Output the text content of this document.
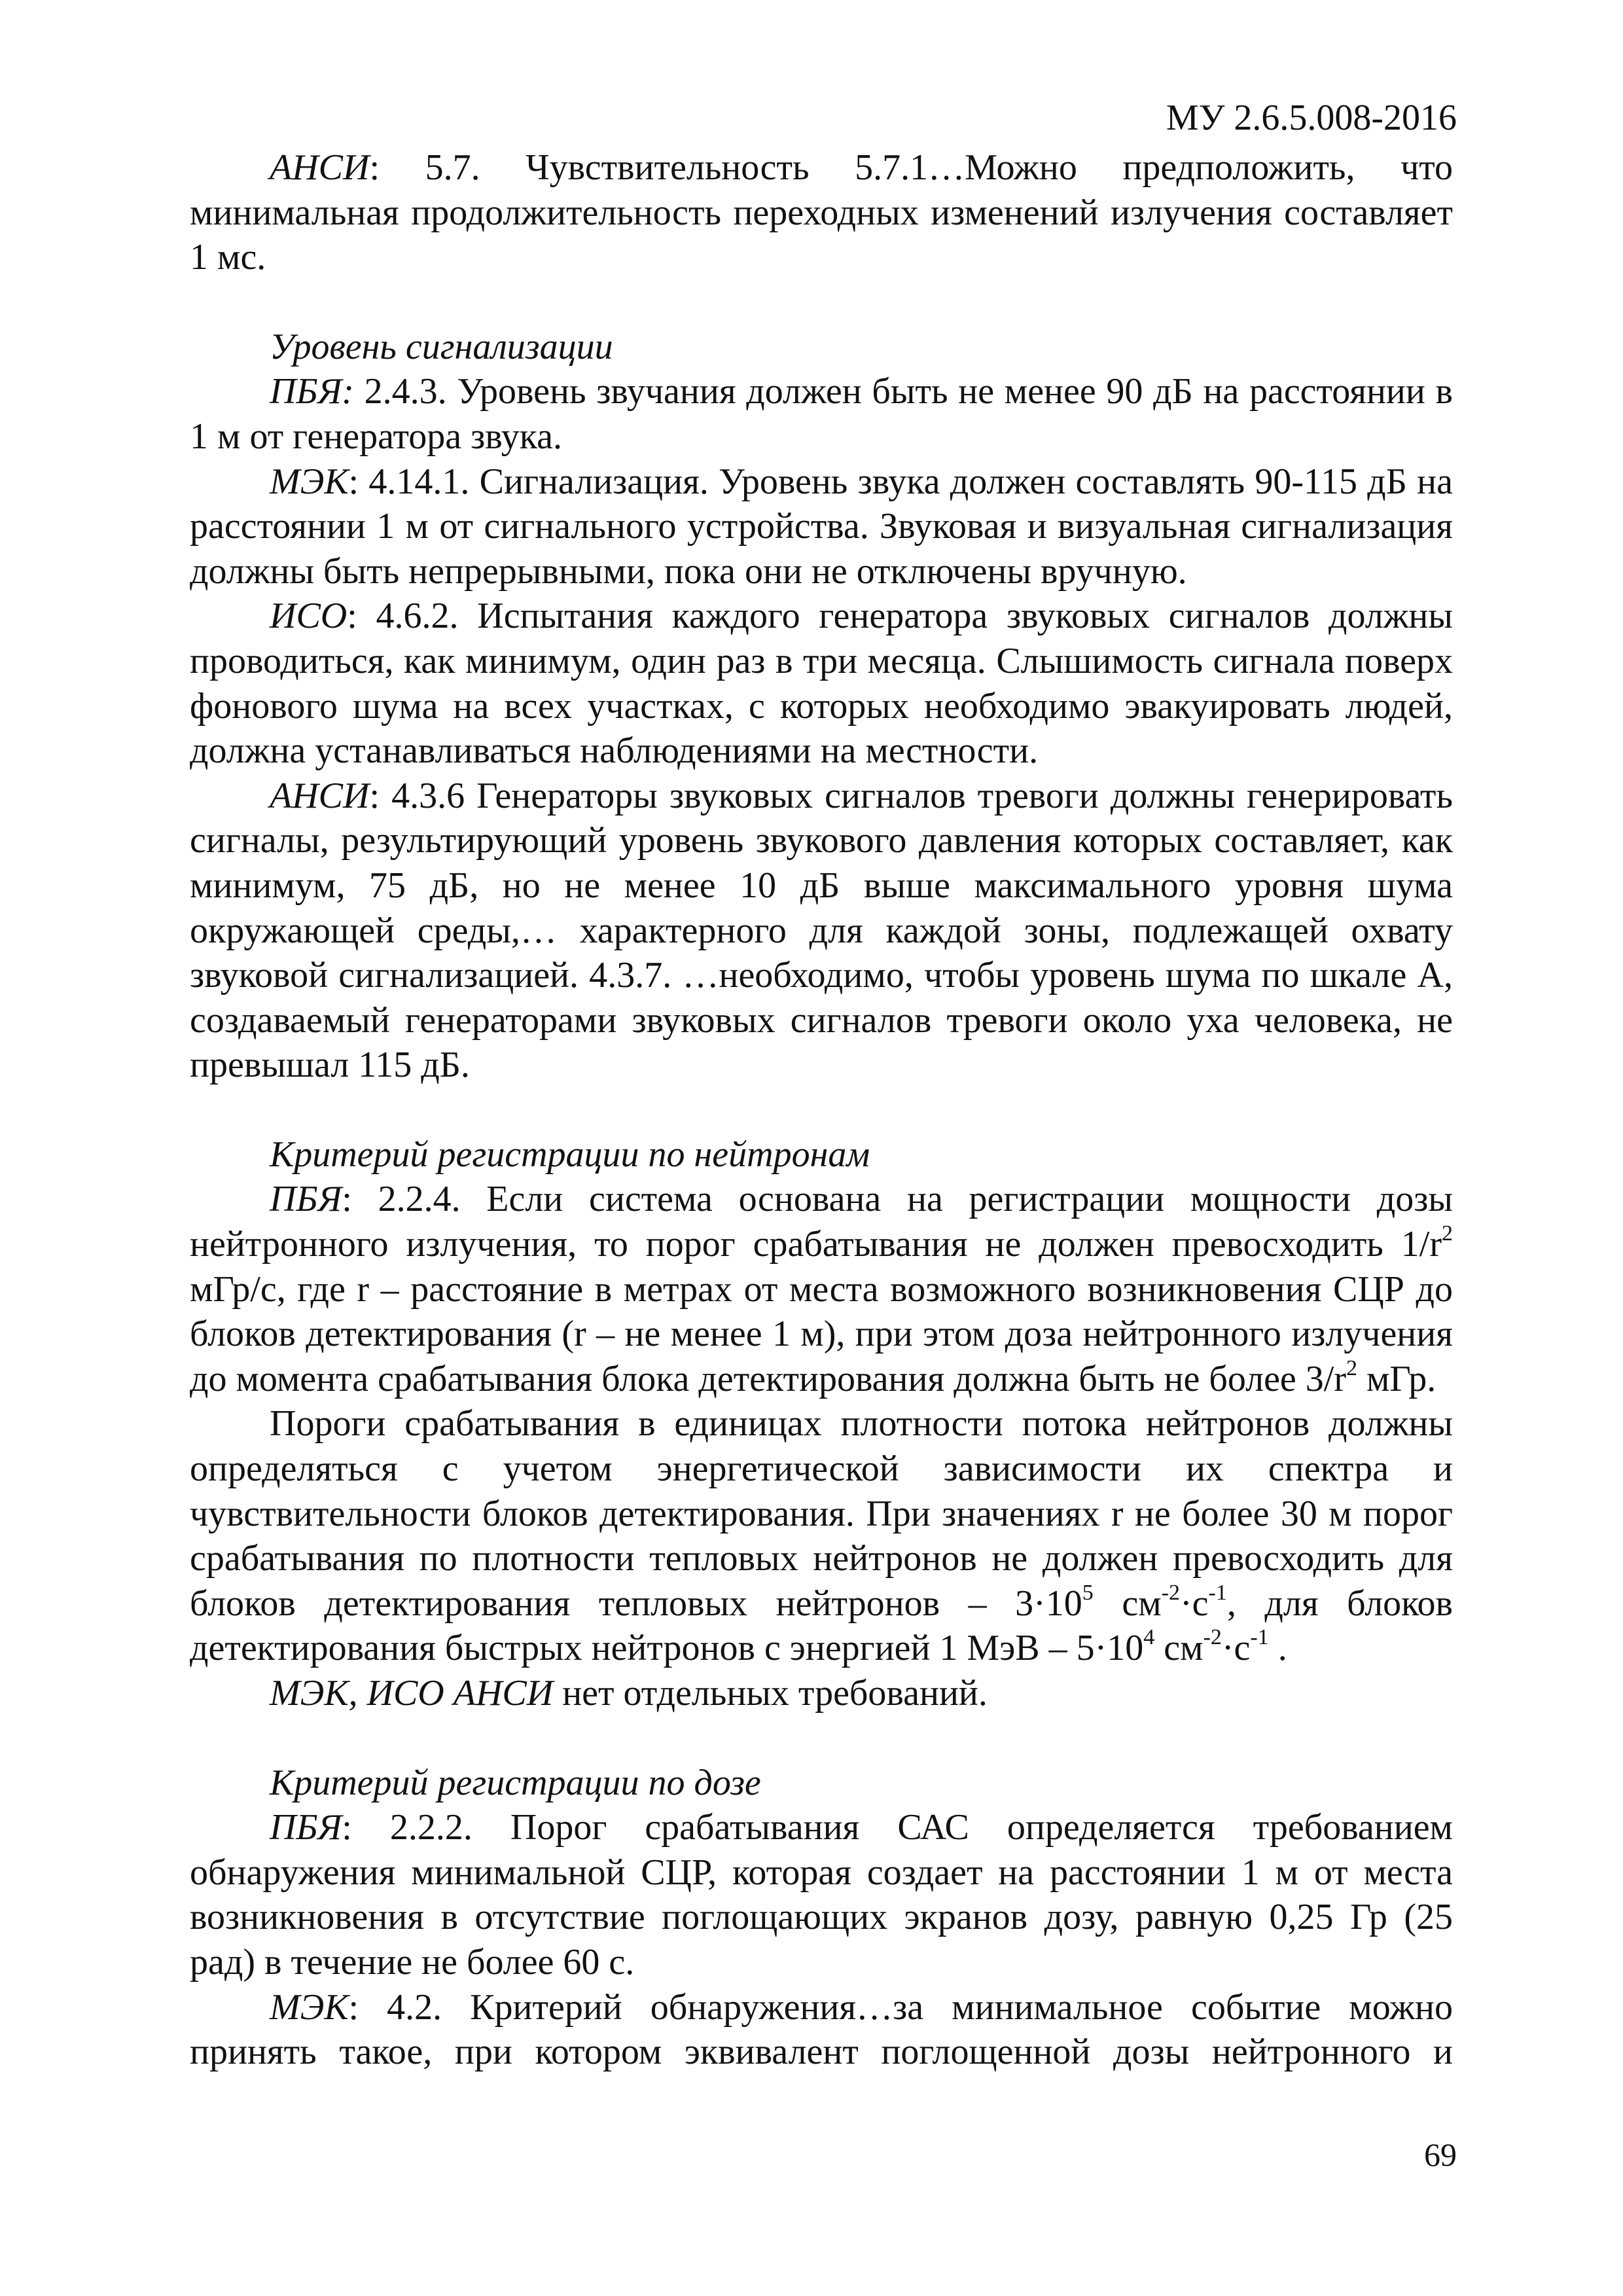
МУ 2.6.5.008-2016

АНСИ: 5.7. Чувствительность 5.7.1…Можно предположить, что минимальная продолжительность переходных изменений излучения составляет 1 мс.

Уровень сигнализации

ПБЯ: 2.4.3. Уровень звучания должен быть не менее 90 дБ на расстоянии в 1 м от генератора звука.

МЭК: 4.14.1. Сигнализация. Уровень звука должен составлять 90-115 дБ на расстоянии 1 м от сигнального устройства. Звуковая и визуальная сигнализация должны быть непрерывными, пока они не отключены вручную.

ИСО: 4.6.2. Испытания каждого генератора звуковых сигналов должны проводиться, как минимум, один раз в три месяца. Слышимость сигнала поверх фонового шума на всех участках, с которых необходимо эвакуировать людей, должна устанавливаться наблюдениями на местности.

АНСИ: 4.3.6 Генераторы звуковых сигналов тревоги должны генерировать сигналы, результирующий уровень звукового давления которых составляет, как минимум, 75 дБ, но не менее 10 дБ выше максимального уровня шума окружающей среды,… характерного для каждой зоны, подлежащей охвату звуковой сигнализацией. 4.3.7. …необходимо, чтобы уровень шума по шкале А, создаваемый генераторами звуковых сигналов тревоги около уха человека, не превышал 115 дБ.

Критерий регистрации по нейтронам

ПБЯ: 2.2.4. Если система основана на регистрации мощности дозы нейтронного излучения, то порог срабатывания не должен превосходить $1/r^2$ мГр/с, где r – расстояние в метрах от места возможного возникновения СЦР до блоков детектирования (r – не менее 1 м), при этом доза нейтронного излучения до момента срабатывания блока детектирования должна быть не более $3/r^2$ мГр.

Пороги срабатывания в единицах плотности потока нейтронов должны определяться с учетом энергетической зависимости их спектра и чувствительности блоков детектирования. При значениях r не более 30 м порог срабатывания по плотности тепловых нейтронов не должен превосходить для блоков детектирования тепловых нейтронов – $3\cdot 10^5$ $см^{-2}\cdot с^{-1}$, для блоков детектирования быстрых нейтронов с энергией 1 МэВ – $5\cdot 10^4$ $см^{-2}\cdot с^{-1}$ .

МЭК, ИСО АНСИ нет отдельных требований.

Критерий регистрации по дозе

ПБЯ: 2.2.2. Порог срабатывания САС определяется требованием обнаружения минимальной СЦР, которая создает на расстоянии 1 м от места возникновения в отсутствие поглощающих экранов дозу, равную 0,25 Гр (25 рад) в течение не более 60 с.

МЭК: 4.2. Критерий обнаружения…за минимальное событие можно принять такое, при котором эквивалент поглощенной дозы нейтронного и

69
